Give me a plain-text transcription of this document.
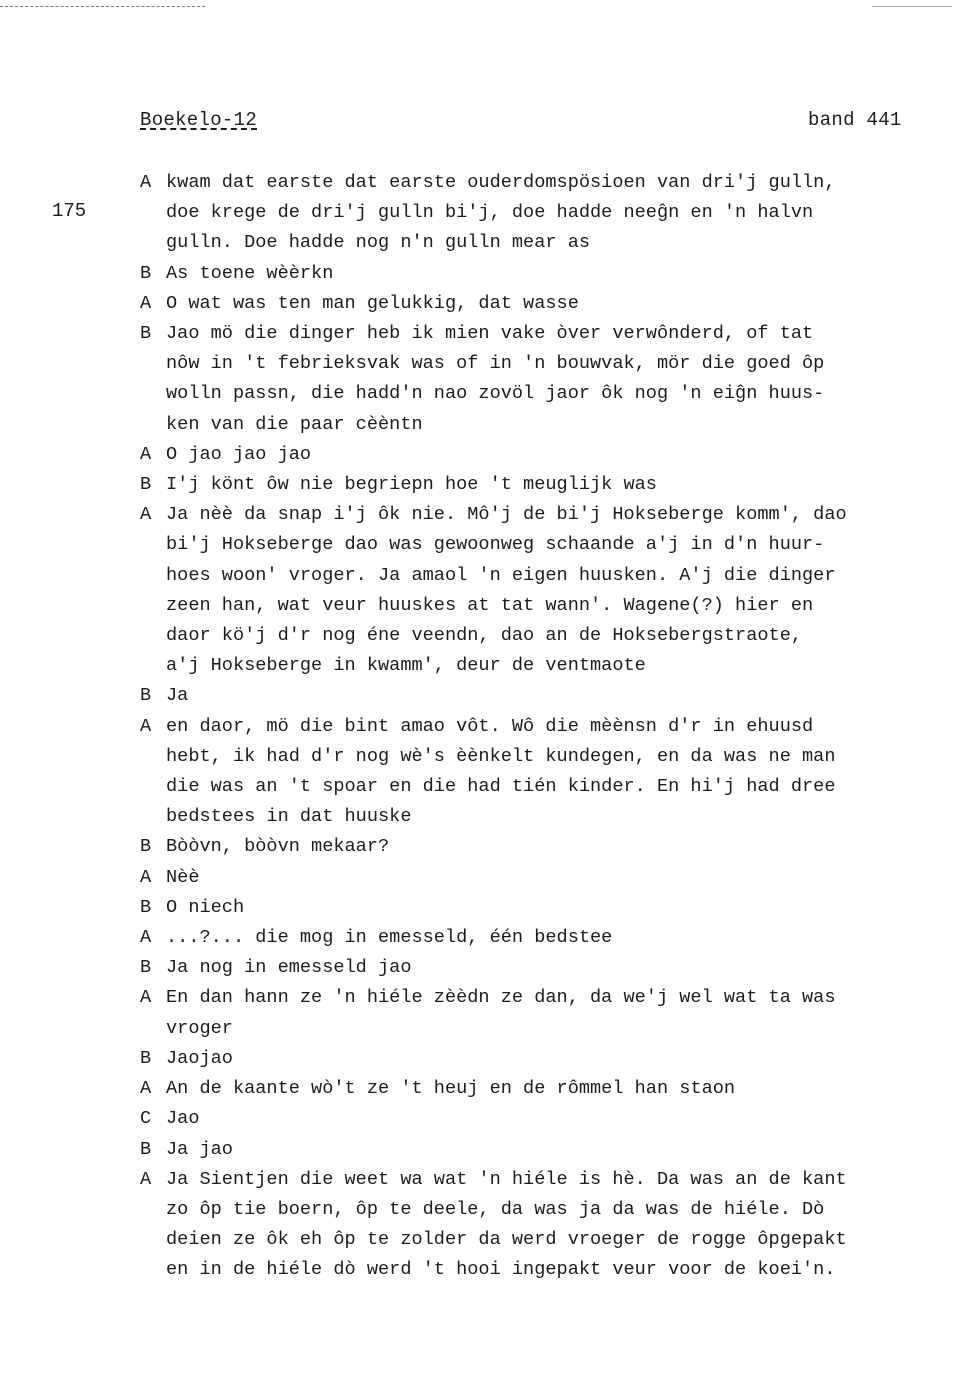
Boekelo-12	band 441
175
A kwam dat earste dat earste ouderdomspösioen van dri'j gulln,
doe krege de dri'j gulln bi'j, doe hadde neeĝn en 'n halvn
gulln. Doe hadde nog n'n gulln mear as
B As toene wèèrkn
A O wat was ten man gelukkig, dat wasse
B Jao mö die dinger heb ik mien vake òver verwônderd, of tat
nôw in 't febrieksvak was of in 'n bouwvak, mör die goed ôp
wolln passn, die hadd'n nao zovöl jaor ôk nog 'n eiĝn huus-
ken van die paar cèèntn
A O jao jao jao
B I'j könt ôw nie begriepn hoe 't meuglijk was
A Ja nèè da snap i'j ôk nie. Mô'j de bi'j Hokseberge komm', dao
bi'j Hokseberge dao was gewoonweg schaande a'j in d'n huur-
hoes woon' vroger. Ja amaol 'n eigen huusken. A'j die dinger
zeen han, wat veur huuskes at tat wann'. Wagene(?) hier en
daor kö'j d'r nog éne veendn, dao an de Hoksebergstraote,
a'j Hokseberge in kwamm', deur de ventmaote
B Ja
A en daor, mö die bint amao vôt. Wô die mèènsn d'r in ehuusd
hebt, ik had d'r nog wè's èènkelt kundegen, en da was ne man
die was an 't spoar en die had tién kinder. En hi'j had dree
bedstees in dat huuske
B Bòòvn, bòòvn mekaar?
A Nèè
B O niech
A ...?... die mog in emesseld, één bedstee
B Ja nog in emesseld jao
A En dan hann ze 'n hiéle zèèdn ze dan, da we'j wel wat ta was
vroger
B Jaojao
A An de kaante wò't ze 't heuj en de rômmel han staon
C Jao
B Ja jao
A Ja Sientjen die weet wa wat 'n hiéle is hè. Da was an de kant
zo ôp tie boern, ôp te deele, da was ja da was de hiéle. Dò
deien ze ôk eh ôp te zolder da werd vroeger de rogge ôpgepakt
en in de hiéle dò werd 't hooi ingepakt veur voor de koei'n.
